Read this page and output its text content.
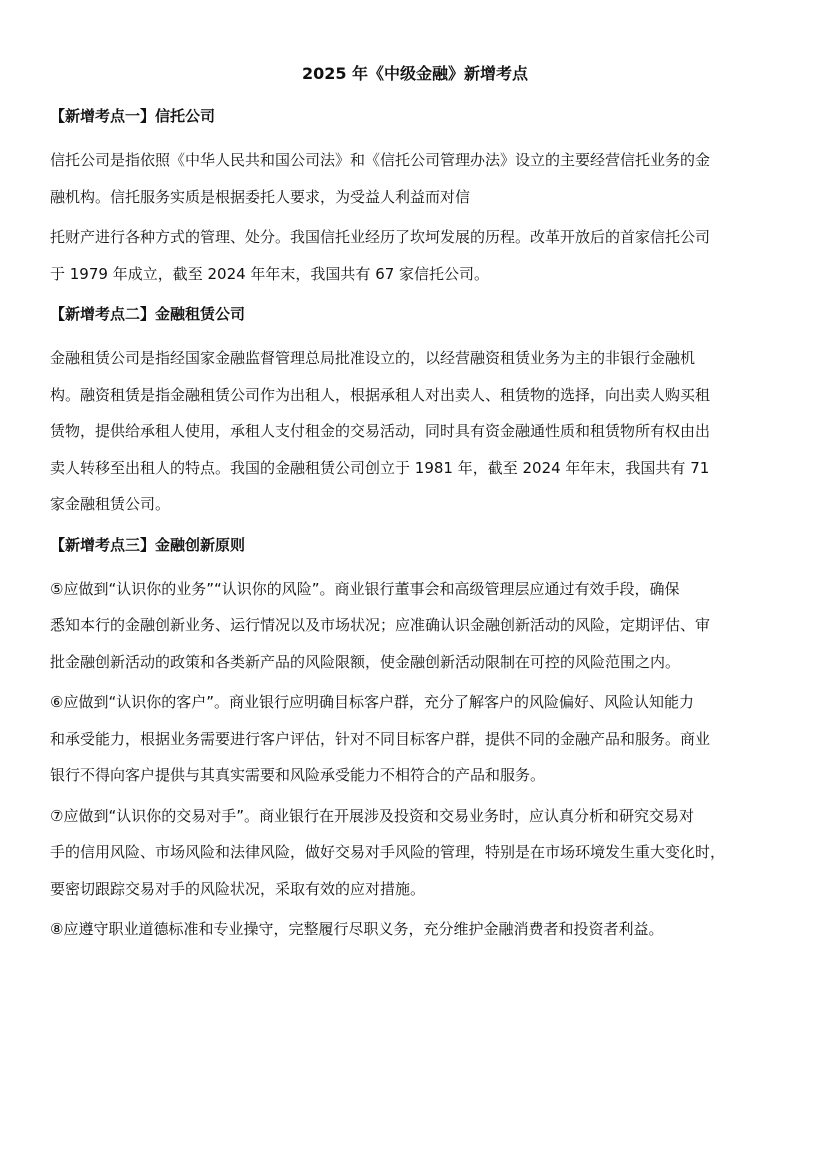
2025 年《中级金融》新增考点
【新增考点一】信托公司
信托公司是指依照《中华人民共和国公司法》和《信托公司管理办法》设立的主要经营信托业务的金
融机构。信托服务实质是根据委托人要求，为受益人利益而对信
托财产进行各种方式的管理、处分。我国信托业经历了坎坷发展的历程。改革开放后的首家信托公司
于 1979 年成立，截至 2024 年年末，我国共有 67 家信托公司。
【新增考点二】金融租赁公司
金融租赁公司是指经国家金融监督管理总局批准设立的，以经营融资租赁业务为主的非银行金融机
构。融资租赁是指金融租赁公司作为出租人，根据承租人对出卖人、租赁物的选择，向出卖人购买租
赁物，提供给承租人使用，承租人支付租金的交易活动，同时具有资金融通性质和租赁物所有权由出
卖人转移至出租人的特点。我国的金融租赁公司创立于 1981 年，截至 2024 年年末，我国共有 71
家金融租赁公司。
【新增考点三】金融创新原则
⑤应做到“认识你的业务”“认识你的风险”。商业银行董事会和高级管理层应通过有效手段，确保
悉知本行的金融创新业务、运行情况以及市场状况；应准确认识金融创新活动的风险，定期评估、审
批金融创新活动的政策和各类新产品的风险限额，使金融创新活动限制在可控的风险范围之内。
⑥应做到“认识你的客户”。商业银行应明确目标客户群，充分了解客户的风险偏好、风险认知能力
和承受能力，根据业务需要进行客户评估，针对不同目标客户群，提供不同的金融产品和服务。商业
银行不得向客户提供与其真实需要和风险承受能力不相符合的产品和服务。
⑦应做到“认识你的交易对手”。商业银行在开展涉及投资和交易业务时，应认真分析和研究交易对
手的信用风险、市场风险和法律风险，做好交易对手风险的管理，特别是在市场环境发生重大变化时，
要密切跟踪交易对手的风险状况，采取有效的应对措施。
⑧应遵守职业道德标准和专业操守，完整履行尽职义务，充分维护金融消费者和投资者利益。
